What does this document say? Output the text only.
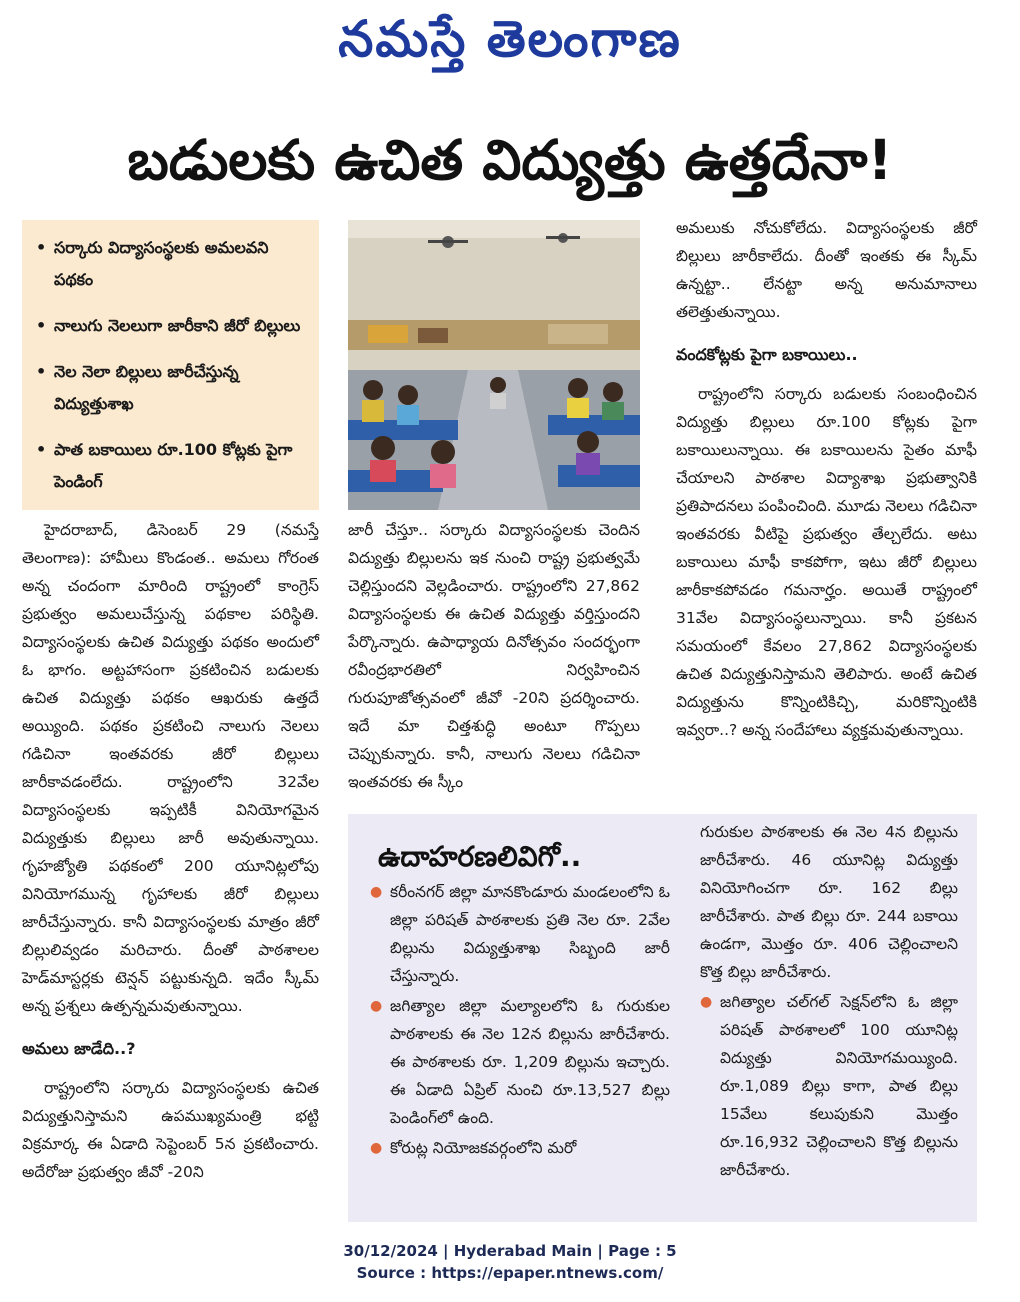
నమస్తే తెలంగాణ
బడులకు ఉచిత విద్యుత్తు ఉత్తదేనా!
• సర్కారు విద్యాసంస్థలకు అమలవని పథకం
• నాలుగు నెలలుగా జారీకాని జీరో బిల్లులు
• నెల నెలా బిల్లులు జారీచేస్తున్న విద్యుత్తుశాఖ
• పాత బకాయిలు రూ.100 కోట్లకు పైగా పెండింగ్

హైదరాబాద్, డిసెంబర్ 29 (నమస్తే తెలంగాణ): హామీలు కొండంత.. అమలు గోరంత అన్న చందంగా మారింది రాష్ట్రంలో కాంగ్రెస్ ప్రభుత్వం అమలుచేస్తున్న పథకాల పరిస్థితి. విద్యాసంస్థలకు ఉచిత విద్యుత్తు పథకం అందులో ఓ భాగం. అట్టహాసంగా ప్రకటించిన బడులకు ఉచిత విద్యుత్తు పథకం ఆఖరుకు ఉత్తదే అయ్యింది. పథకం ప్రకటించి నాలుగు నెలలు గడిచినా ఇంతవరకు జీరో బిల్లులు జారీకావడంలేదు. రాష్ట్రంలోని 32వేల విద్యాసంస్థలకు ఇప్పటికీ వినియోగమైన విద్యుత్తుకు బిల్లులు జారీ అవుతున్నాయి. గృహజ్యోతి పథకంలో 200 యూనిట్లలోపు వినియోగమున్న గృహాలకు జీరో బిల్లులు జారీచేస్తున్నారు. కానీ విద్యాసంస్థలకు మాత్రం జీరో బిల్లులివ్వడం మరిచారు. దీంతో పాఠశాలల హెడ్‌మాస్టర్లకు టెన్షన్ పట్టుకున్నది. ఇదేం స్కీమ్ అన్న ప్రశ్నలు ఉత్పన్నమవుతున్నాయి.

అమలు జాడేది..?

రాష్ట్రంలోని సర్కారు విద్యాసంస్థలకు ఉచిత విద్యుత్తునిస్తామని ఉపముఖ్యమంత్రి భట్టి విక్రమార్క ఈ ఏడాది సెప్టెంబర్ 5న ప్రకటించారు. అదేరోజు ప్రభుత్వం జీవో -20ని

జారీ చేస్తూ.. సర్కారు విద్యాసంస్థలకు చెందిన విద్యుత్తు బిల్లులను ఇక నుంచి రాష్ట్ర ప్రభుత్వమే చెల్లిస్తుందని వెల్లడించారు. రాష్ట్రంలోని 27,862 విద్యాసంస్థలకు ఈ ఉచిత విద్యుత్తు వర్తిస్తుందని పేర్కొన్నారు. ఉపాధ్యాయ దినోత్సవం సందర్భంగా రవీంద్రభారతిలో నిర్వహించిన గురుపూజోత్సవంలో జీవో -20ని ప్రదర్శించారు. ఇదే మా చిత్తశుద్ధి అంటూ గొప్పలు చెప్పుకున్నారు. కానీ, నాలుగు నెలలు గడిచినా ఇంతవరకు ఈ స్కీం

అమలుకు నోచుకోలేదు. విద్యాసంస్థలకు జీరో బిల్లులు జారీకాలేదు. దీంతో ఇంతకు ఈ స్కీమ్ ఉన్నట్టా.. లేనట్టా అన్న అనుమానాలు తలెత్తుతున్నాయి.

వందకోట్లకు పైగా బకాయిలు..

రాష్ట్రంలోని సర్కారు బడులకు సంబంధించిన విద్యుత్తు బిల్లులు రూ.100 కోట్లకు పైగా బకాయిలున్నాయి. ఈ బకాయిలను సైతం మాఫీ చేయాలని పాఠశాల విద్యాశాఖ ప్రభుత్వానికి ప్రతిపాదనలు పంపించింది. మూడు నెలలు గడిచినా ఇంతవరకు వీటిపై ప్రభుత్వం తేల్చలేదు. అటు బకాయిలు మాఫీ కాకపోగా, ఇటు జీరో బిల్లులు జారీకాకపోవడం గమనార్హం. అయితే రాష్ట్రంలో 31వేల విద్యాసంస్థలున్నాయి. కానీ ప్రకటన సమయంలో కేవలం 27,862 విద్యాసంస్థలకు ఉచిత విద్యుత్తునిస్తామని తెలిపారు. అంటే ఉచిత విద్యుత్తును కొన్నింటికిచ్చి, మరికొన్నింటికి ఇవ్వరా..? అన్న సందేహాలు వ్యక్తమవుతున్నాయి.

ఉదాహరణలివిగో..
● కరీంనగర్ జిల్లా మానకొండూరు మండలంలోని ఓ జిల్లా పరిషత్ పాఠశాలకు ప్రతి నెల రూ. 2వేల బిల్లును విద్యుత్తుశాఖ సిబ్బంది జారీ చేస్తున్నారు.
● జగిత్యాల జిల్లా మల్యాలలోని ఓ గురుకుల పాఠశాలకు ఈ నెల 12న బిల్లును జారీచేశారు. ఈ పాఠశాలకు రూ. 1,209 బిల్లును ఇచ్చారు. ఈ ఏడాది ఏప్రిల్ నుంచి రూ.13,527 బిల్లు పెండింగ్‌లో ఉంది.
● కోరుట్ల నియోజకవర్గంలోని మరో
గురుకుల పాఠశాలకు ఈ నెల 4న బిల్లును జారీచేశారు. 46 యూనిట్ల విద్యుత్తు వినియోగించగా రూ. 162 బిల్లు జారీచేశారు. పాత బిల్లు రూ. 244 బకాయి ఉండగా, మొత్తం రూ. 406 చెల్లించాలని కొత్త బిల్లు జారీచేశారు.
● జగిత్యాల చల్‌గల్ సెక్షన్‌లోని ఓ జిల్లా పరిషత్ పాఠశాలలో 100 యూనిట్ల విద్యుత్తు వినియోగమయ్యింది. రూ.1,089 బిల్లు కాగా, పాత బిల్లు 15వేలు కలుపుకుని మొత్తం రూ.16,932 చెల్లించాలని కొత్త బిల్లును జారీచేశారు.
30/12/2024 | Hyderabad Main | Page : 5
Source : https://epaper.ntnews.com/
